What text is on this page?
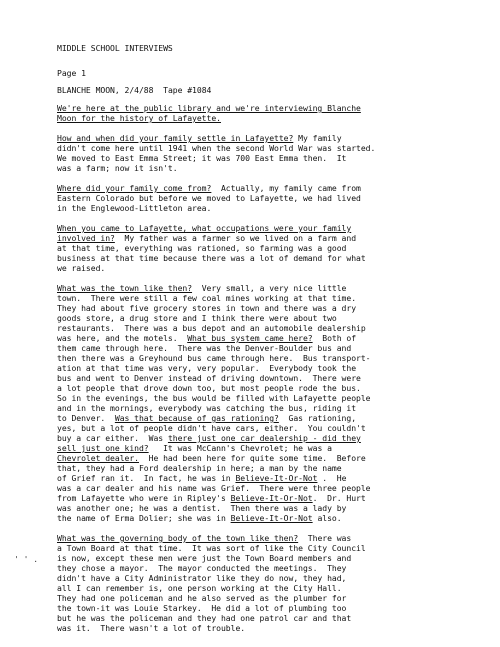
MIDDLE SCHOOL INTERVIEWS
Page 1
BLANCHE MOON, 2/4/88 Tape #1084
We're here at the public library and we're interviewing Blanche
Moon for the history of Lafayette.
How and when did your family settle in Lafayette? My family
didn't come here until 1941 when the second World War was started.
We moved to East Emma Street; it was 700 East Emma then.  It
was a farm; now it isn't.
Where did your family come from?  Actually, my family came from
Eastern Colorado but before we moved to Lafayette, we had lived
in the Englewood-Littleton area.
When you came to Lafayette, what occupations were your family
involved in?  My father was a farmer so we lived on a farm and
at that time, everything was rationed, so farming was a good
business at that time because there was a lot of demand for what
we raised.
What was the town like then?  Very small, a very nice little
town.  There were still a few coal mines working at that time.
They had about five grocery stores in town and there was a dry
goods store, a drug store and I think there were about two
restaurants.  There was a bus depot and an automobile dealership
was here, and the motels.  What bus system came here?  Both of
them came through here.  There was the Denver-Boulder bus and
then there was a Greyhound bus came through here.  Bus transport-
ation at that time was very, very popular.  Everybody took the
bus and went to Denver instead of driving downtown.  There were
a lot people that drove down too, but most people rode the bus.
So in the evenings, the bus would be filled with Lafayette people
and in the mornings, everybody was catching the bus, riding it
to Denver.  Was that because of gas rationing?  Gas rationing,
yes, but a lot of people didn't have cars, either.  You couldn't
buy a car either.  Was there just one car dealership - did they
sell just one kind?   It was McCann's Chevrolet; he was a
Chevrolet dealer.  He had been here for quite some time.  Before
that, they had a Ford dealership in here; a man by the name
of Grief ran it.  In fact, he was in Believe-It-Or-Not .  He
was a car dealer and his name was Grief.  There were three people
from Lafayette who were in Ripley's Believe-It-Or-Not.  Dr. Hurt
was another one; he was a dentist.  Then there was a lady by
the name of Erma Dolier; she was in Believe-It-Or-Not also.
What was the governing body of the town like then?  There was
a Town Board at that time.  It was sort of like the City Council
is now, except these men were just the Town Board members and
they chose a mayor.  The mayor conducted the meetings.  They
didn't have a City Administrator like they do now, they had,
all I can remember is, one person working at the City Hall.
They had one policeman and he also served as the plumber for
the town-it was Louie Starkey.  He did a lot of plumbing too
but he was the policeman and they had one patrol car and that
was it.  There wasn't a lot of trouble.
' ' .
